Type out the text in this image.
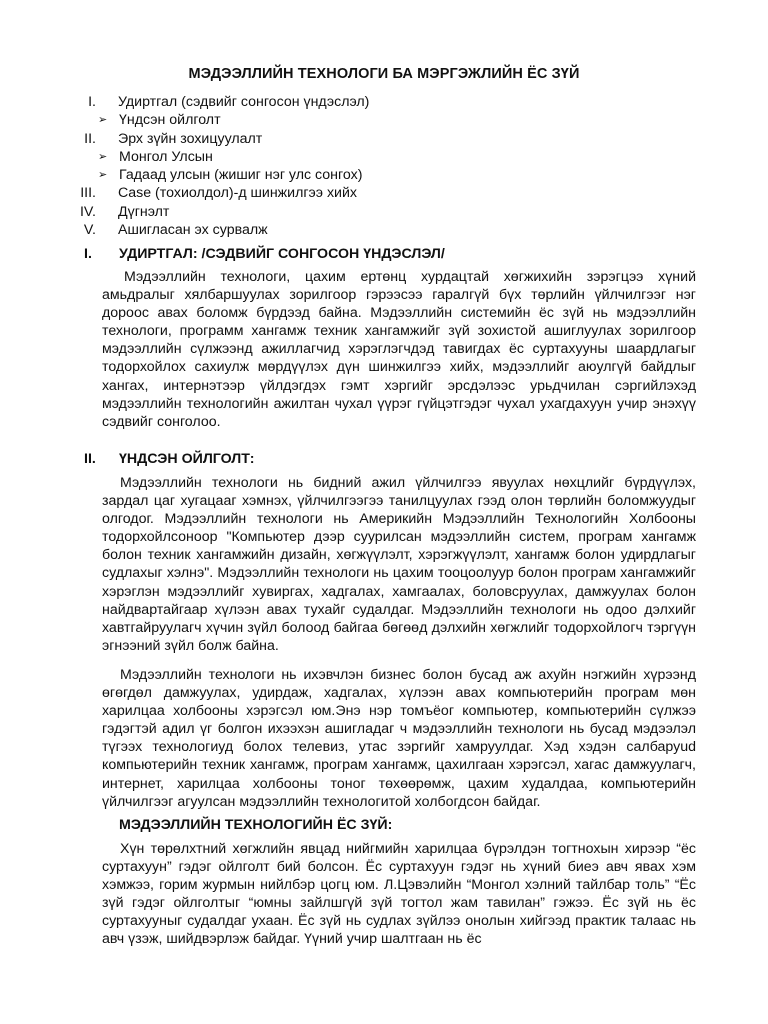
МЭДЭЭЛЛИЙН ТЕХНОЛОГИ БА МЭРГЭЖЛИЙН ЁС ЗҮЙ
I. Удиртгал (сэдвийг сонгосон үндэслэл)
➢ Үндсэн ойлголт
II. Эрх зүйн зохицуулалт
➢ Монгол Улсын
➢ Гадаад улсын (жишиг нэг улс сонгох)
III. Case (тохиолдол)-д шинжилгээ хийх
IV. Дүгнэлт
V. Ашигласан эх сурвалж
I. УДИРТГАЛ: /СЭДВИЙГ СОНГОСОН ҮНДЭСЛЭЛ/

Мэдээллийн технологи, цахим ертөнц хурдацтай хөгжихийн зэрэгцээ хүний амьдралыг хялбаршуулах зорилгоор гэрээсээ гаралгүй бүх төрлийн үйлчилгээг нэг дороос авах боломж бүрдээд байна. Мэдээллийн системийн ёс зүй нь мэдээллийн технологи, программ хангамж техник хангамжийг зүй зохистой ашиглуулах зорилгоор мэдээллийн сүлжээнд ажиллагчид хэрэглэгчдэд тавигдах ёс суртахууны шаардлагыг тодорхойлох сахиулж мөрдүүлэх дүн шинжилгээ хийх, мэдээллийг аюулгүй байдлыг хангах, интернэтээр үйлдэгдэх гэмт хэргийг эрсдэлээс урьдчилан сэргийлэхэд мэдээллийн технологийн ажилтан чухал үүрэг гүйцэтгэдэг чухал ухагдахуун учир энэхүү сэдвийг сонголоо.

II. ҮНДСЭН ОЙЛГОЛТ:

Мэдээллийн технологи нь бидний ажил үйлчилгээ явуулах нөхцлийг бүрдүүлэх, зардал цаг хугацааг хэмнэх, үйлчилгээгээ танилцуулах гээд олон төрлийн боломжуудыг олгодог. Мэдээллийн технологи нь Америкийн Мэдээллийн Технологийн Холбооны тодорхойлсоноор "Компьютер дээр суурилсан мэдээллийн систем, програм хангамж болон техник хангамжийн дизайн, хөгжүүлэлт, хэрэгжүүлэлт, хангамж болон удирдлагыг судлахыг хэлнэ". Мэдээллийн технологи нь цахим тооцоолуур болон програм хангамжийг хэрэглэн мэдээллийг хувиргах, хадгалах, хамгаалах, боловсруулах, дамжуулах болон найдвартайгаар хүлээн авах тухайг судалдаг. Мэдээллийн технологи нь одоо дэлхийг хавтгайруулагч хүчин зүйл болоод байгаа бөгөөд дэлхийн хөгжлийг тодорхойлогч тэргүүн эгнээний зүйл болж байна.

Мэдээллийн технологи нь ихэвчлэн бизнес болон бусад аж ахуйн нэгжийн хүрээнд өгөгдөл дамжуулах, удирдаж, хадгалах, хүлээн авах компьютерийн програм мөн харилцаа холбооны хэрэгсэл юм.Энэ нэр томъёог компьютер, компьютерийн сүлжээ гэдэгтэй адил үг болгон ихээхэн ашигладаг ч мэдээллийн технологи нь бусад мэдээлэл түгээх технологиуд болох телевиз, утас зэргийг хамруулдаг. Хэд хэдэн салбаруud компьютерийн техник хангамж, програм хангамж, цахилгаан хэрэгсэл, хагас дамжуулагч, интернет, харилцаа холбооны тоног төхөөрөмж, цахим худалдаа, компьютерийн үйлчилгээг агуулсан мэдээллийн технологитой холбогдсон байдаг.

МЭДЭЭЛЛИЙН ТЕХНОЛОГИЙН ЁС ЗҮЙ:

Хүн төрөлхтний хөгжлийн явцад нийгмийн харилцаа бүрэлдэн тогтнохын хирээр “ёс суртахуун” гэдэг ойлголт бий болсон. Ёс суртахуун гэдэг нь хүний биеэ авч явах хэм хэмжээ, горим журмын нийлбэр цогц юм. Л.Цэвэлийн “Монгол хэлний тайлбар толь” “Ёс зүй гэдэг ойлголтыг “юмны зайлшгүй зүй тогтол жам тавилан” гэжээ. Ёс зүй нь ёс суртахууныг судалдаг ухаан. Ёс зүй нь судлах зүйлээ онолын хийгээд практик талаас нь авч үзэж, шийдвэрлэж байдаг. Үүний учир шалтгаан нь ёс
